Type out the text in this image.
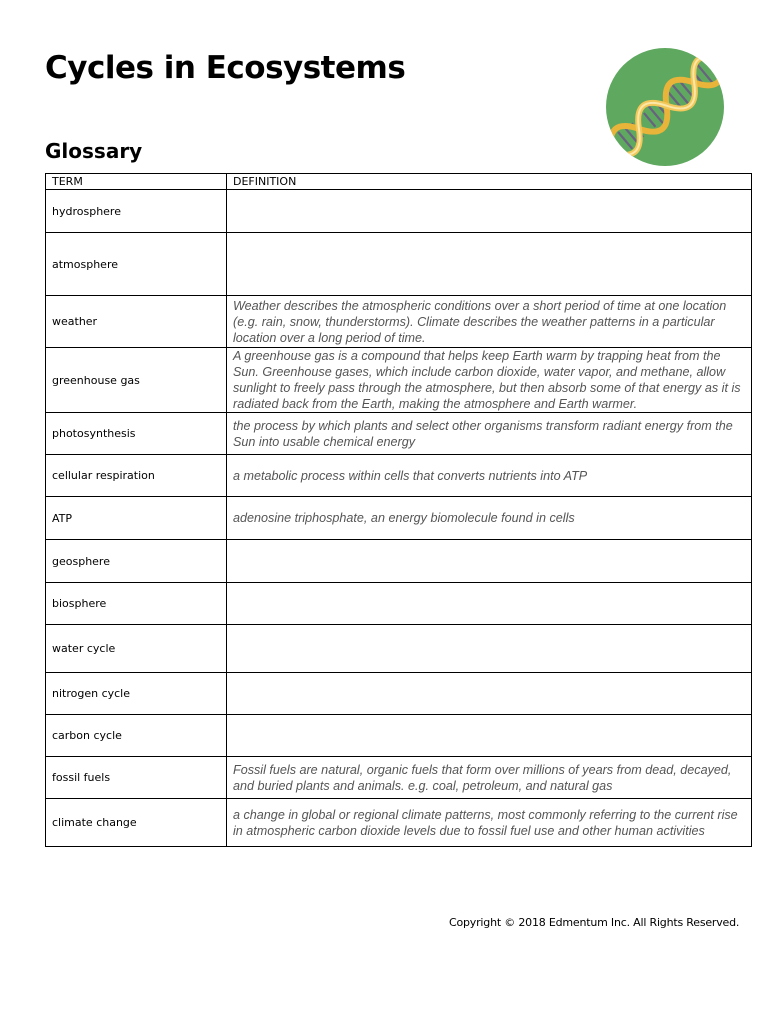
Cycles in Ecosystems
Glossary
TERM	DEFINITION
hydrosphere	
atmosphere	
weather	Weather describes the atmospheric conditions over a short period of time at one location (e.g. rain, snow, thunderstorms). Climate describes the weather patterns in a particular location over a long period of time.
greenhouse gas	A greenhouse gas is a compound that helps keep Earth warm by trapping heat from the Sun. Greenhouse gases, which include carbon dioxide, water vapor, and methane, allow sunlight to freely pass through the atmosphere, but then absorb some of that energy as it is radiated back from the Earth, making the atmosphere and Earth warmer.
photosynthesis	the process by which plants and select other organisms transform radiant energy from the Sun into usable chemical energy
cellular respiration	a metabolic process within cells that converts nutrients into ATP
ATP	adenosine triphosphate, an energy biomolecule found in cells
geosphere	
biosphere	
water cycle	
nitrogen cycle	
carbon cycle	
fossil fuels	Fossil fuels are natural, organic fuels that form over millions of years from dead, decayed, and buried plants and animals. e.g. coal, petroleum, and natural gas
climate change	a change in global or regional climate patterns, most commonly referring to the current rise in atmospheric carbon dioxide levels due to fossil fuel use and other human activities

Copyright © 2018 Edmentum Inc. All Rights Reserved.
